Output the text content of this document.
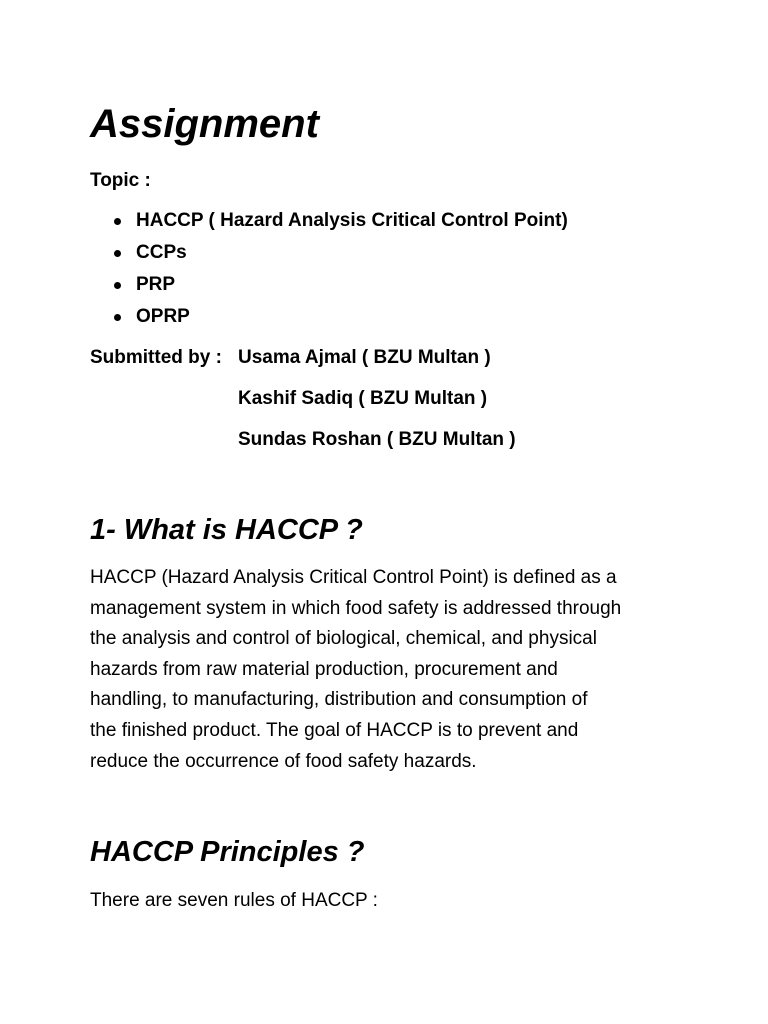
Assignment
Topic :
HACCP ( Hazard Analysis Critical Control Point)
CCPs
PRP
OPRP
Submitted by : Usama Ajmal ( BZU Multan )
Kashif Sadiq ( BZU Multan )
Sundas Roshan ( BZU Multan )
1- What is HACCP ?

HACCP (Hazard Analysis Critical Control Point) is defined as a
management system in which food safety is addressed through
the analysis and control of biological, chemical, and physical
hazards from raw material production, procurement and
handling, to manufacturing, distribution and consumption of
the finished product. The goal of HACCP is to prevent and
reduce the occurrence of food safety hazards.

HACCP Principles ?

There are seven rules of HACCP :
